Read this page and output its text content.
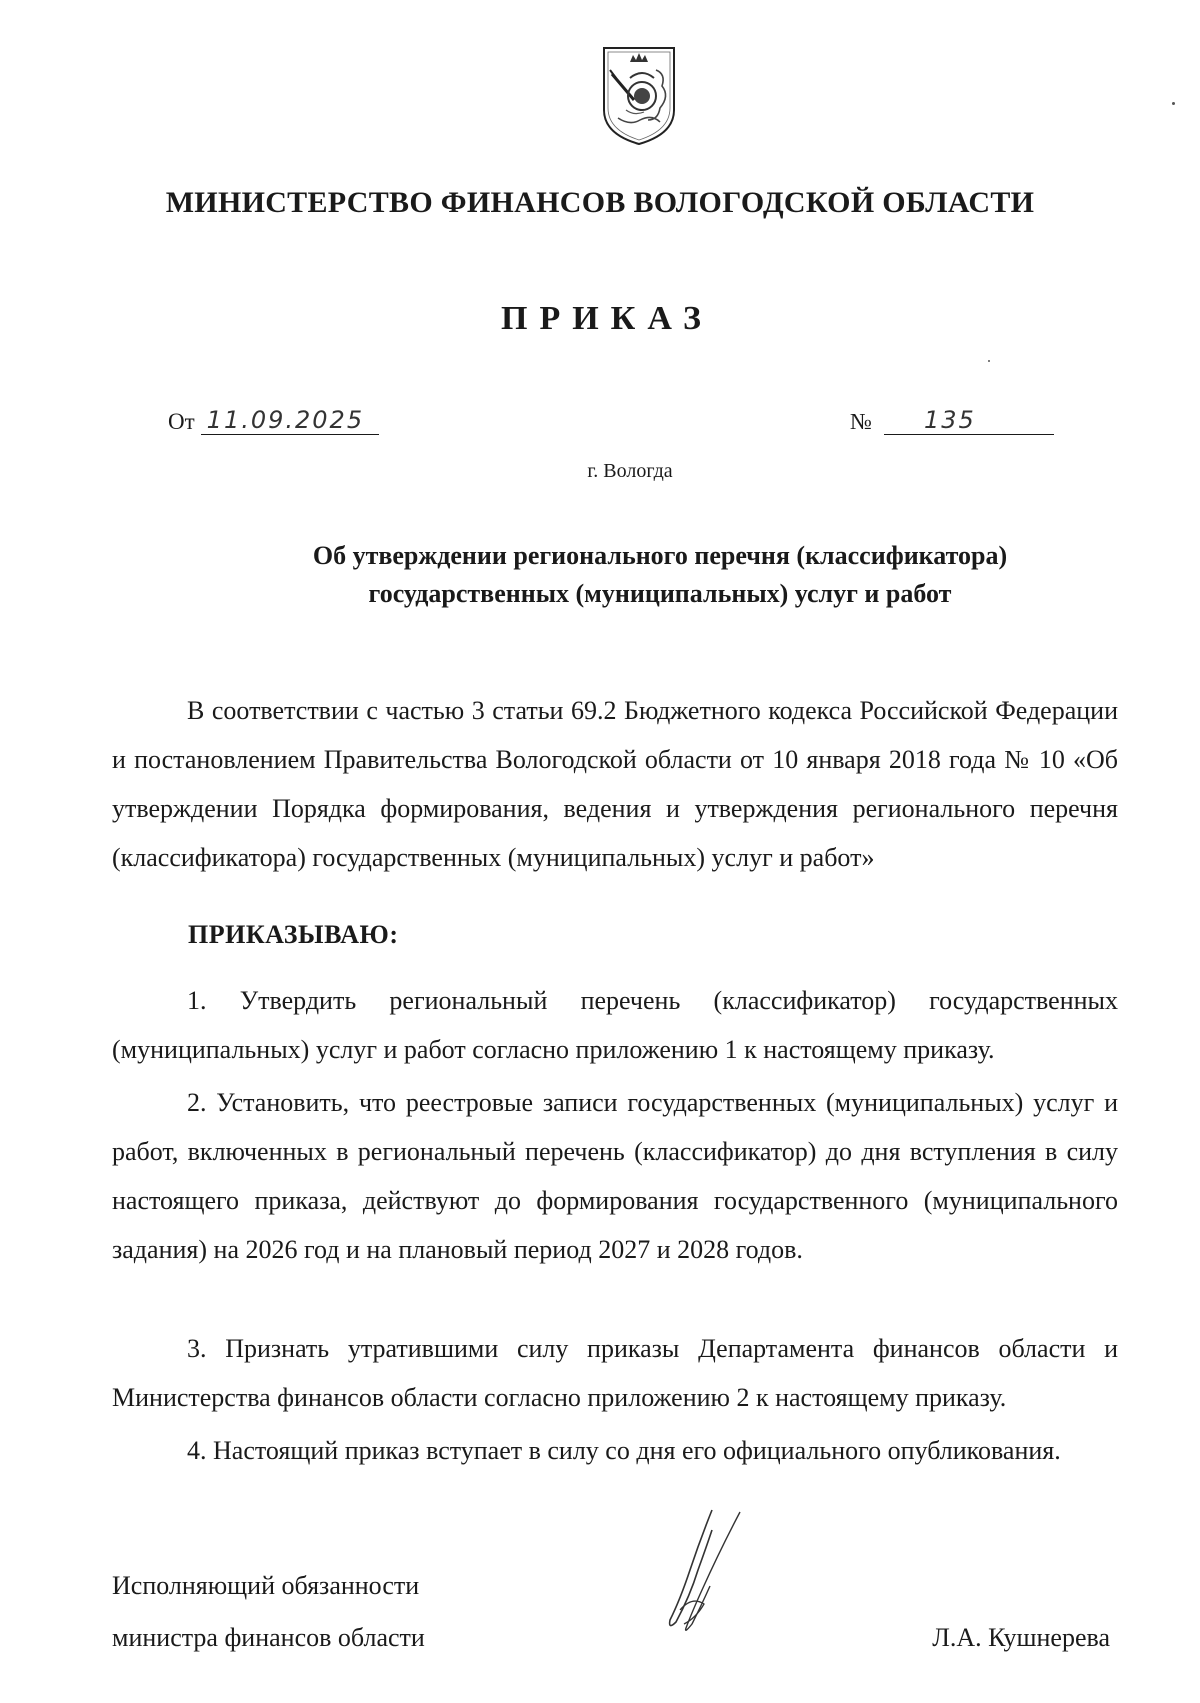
МИНИСТЕРСТВО ФИНАНСОВ ВОЛОГОДСКОЙ ОБЛАСТИ
ПРИКАЗ
От 11.09.2025	№	135
г. Вологда
Об утверждении регионального перечня (классификатора)
государственных (муниципальных) услуг и работ
В соответствии с частью 3 статьи 69.2 Бюджетного кодекса Российской Федерации и постановлением Правительства Вологодской области от 10 января 2018 года № 10 «Об утверждении Порядка формирования, ведения и утверждения регионального перечня (классификатора) государственных (муниципальных) услуг и работ»
ПРИКАЗЫВАЮ:
1. Утвердить региональный перечень (классификатор) государственных (муниципальных) услуг и работ согласно приложению 1 к настоящему приказу.
2. Установить, что реестровые записи государственных (муниципальных) услуг и работ, включенных в региональный перечень (классификатор) до дня вступления в силу настоящего приказа, действуют до формирования государственного (муниципального задания) на 2026 год и на плановый период 2027 и 2028 годов.
3. Признать утратившими силу приказы Департамента финансов области и Министерства финансов области согласно приложению 2 к настоящему приказу.
4. Настоящий приказ вступает в силу со дня его официального опубликования.
Исполняющий обязанности
министра финансов области	Л.А. Кушнерева
